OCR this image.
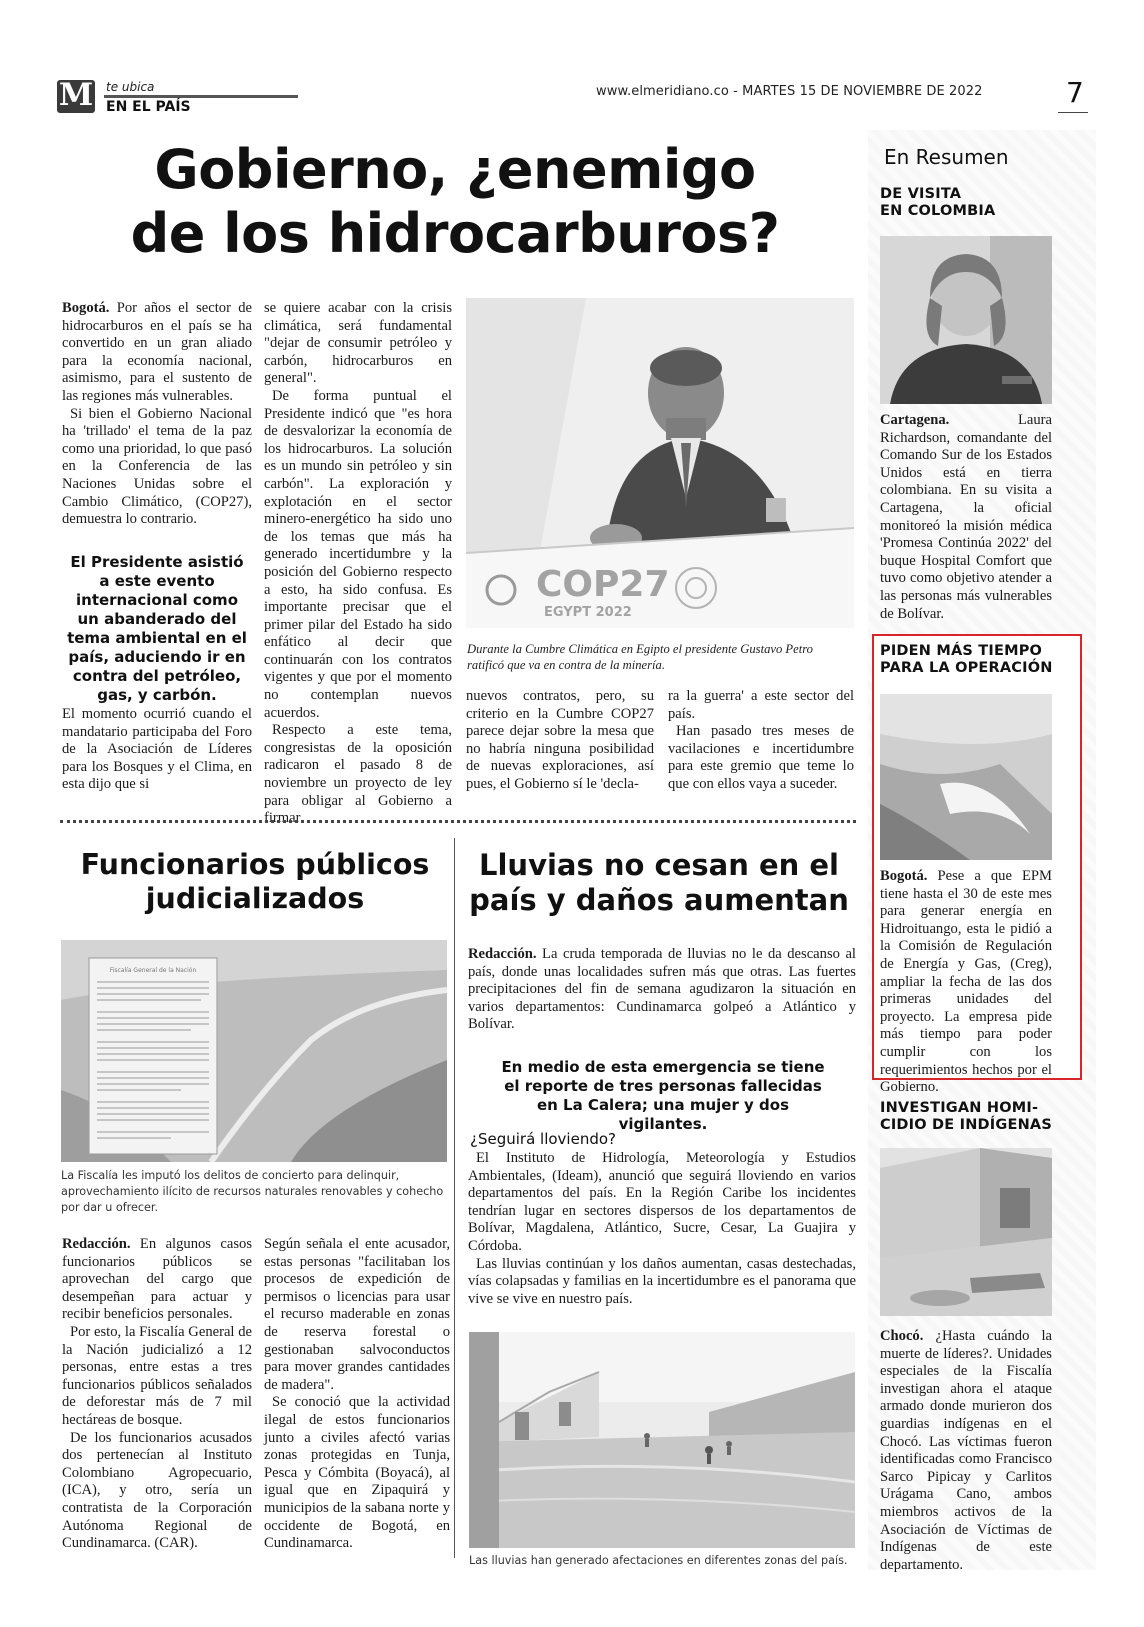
M te ubica
EN EL PAÍS
www.elmeridiano.co - MARTES 15 DE NOVIEMBRE DE 2022	7
Gobierno, ¿enemigo
de los hidrocarburos?

Bogotá. Por años el sector de hidrocarburos en el país se ha convertido en un gran aliado para la economía nacional, asimismo, para el sustento de las regiones más vulnerables.

Si bien el Gobierno Nacional ha 'trillado' el tema de la paz como una prioridad, lo que pasó en la Conferencia de las Naciones Unidas sobre el Cambio Climático, (COP27), demuestra lo contrario.

El Presidente asistió a este evento internacional como un abanderado del tema ambiental en el país, aduciendo ir en contra del petróleo, gas, y carbón.

El momento ocurrió cuando el mandatario participaba del Foro de la Asociación de Líderes para los Bosques y el Clima, en esta dijo que si

se quiere acabar con la crisis climática, será fundamental "dejar de consumir petróleo y carbón, hidrocarburos en general".

De forma puntual el Presidente indicó que "es hora de desvalorizar la economía de los hidrocarburos. La solución es un mundo sin petróleo y sin carbón". La exploración y explotación en el sector minero-energético ha sido uno de los temas que más ha generado incertidumbre y la posición del Gobierno respecto a esto, ha sido confusa. Es importante precisar que el primer pilar del Estado ha sido enfático al decir que continuarán con los contratos vigentes y que por el momento no contemplan nuevos acuerdos.

Respecto a este tema, congresistas de la oposición radicaron el pasado 8 de noviembre un proyecto de ley para obligar al Gobierno a firmar

COP27
EGYPT 2022
Durante la Cumbre Climática en Egipto el presidente Gustavo Petro ratificó que va en contra de la minería.

nuevos contratos, pero, su criterio en la Cumbre COP27 parece dejar sobre la mesa que no habría ninguna posibilidad de nuevas exploraciones, así pues, el Gobierno sí le 'decla-

ra la guerra' a este sector del país.

Han pasado tres meses de vacilaciones e incertidumbre para este gremio que teme lo que con ellos vaya a suceder.

Funcionarios públicos
judicializados
Fiscalía General de la Nación
La Fiscalía les imputó los delitos de concierto para delinquir, aprovechamiento ilícito de recursos naturales renovables y cohecho por dar u ofrecer.

Redacción. En algunos casos funcionarios públicos se aprovechan del cargo que desempeñan para actuar y recibir beneficios personales.

Por esto, la Fiscalía General de la Nación judicializó a 12 personas, entre estas a tres funcionarios públicos señalados de deforestar más de 7 mil hectáreas de bosque.

De los funcionarios acusados dos pertenecían al Instituto Colombiano Agropecuario, (ICA), y otro, sería un contratista de la Corporación Autónoma Regional de Cundinamarca. (CAR).

Según señala el ente acusador, estas personas "facilitaban los procesos de expedición de permisos o licencias para usar el recurso maderable en zonas de reserva forestal o gestionaban salvoconductos para mover grandes cantidades de madera".

Se conoció que la actividad ilegal de estos funcionarios junto a civiles afectó varias zonas protegidas en Tunja, Pesca y Cómbita (Boyacá), al igual que en Zipaquirá y municipios de la sabana norte y occidente de Bogotá, en Cundinamarca.

Lluvias no cesan en el
país y daños aumentan

Redacción. La cruda temporada de lluvias no le da descanso al país, donde unas localidades sufren más que otras. Las fuertes precipitaciones del fin de semana agudizaron la situación en varios departamentos: Cundinamarca golpeó a Atlántico y Bolívar.

En medio de esta emergencia se tiene el reporte de tres personas fallecidas en La Calera; una mujer y dos vigilantes.
¿Seguirá lloviendo?

El Instituto de Hidrología, Meteorología y Estudios Ambientales, (Ideam), anunció que seguirá lloviendo en varios departamentos del país. En la Región Caribe los incidentes tendrían lugar en sectores dispersos de los departamentos de Bolívar, Magdalena, Atlántico, Sucre, Cesar, La Guajira y Córdoba.

Las lluvias continúan y los daños aumentan, casas destechadas, vías colapsadas y familias en la incertidumbre es el panorama que vive se vive en nuestro país.

Las lluvias han generado afectaciones en diferentes zonas del país.
En Resumen
DE VISITA
EN COLOMBIA

Cartagena. Laura Richardson, comandante del Comando Sur de los Estados Unidos está en tierra colombiana. En su visita a Cartagena, la oficial monitoreó la misión médica 'Promesa Continúa 2022' del buque Hospital Comfort que tuvo como objetivo atender a las personas más vulnerables de Bolívar.

PIDEN MÁS TIEMPO
PARA LA OPERACIÓN

Bogotá. Pese a que EPM tiene hasta el 30 de este mes para generar energía en Hidroituango, esta le pidió a la Comisión de Regulación de Energía y Gas, (Creg), ampliar la fecha de las dos primeras unidades del proyecto. La empresa pide más tiempo para poder cumplir con los requerimientos hechos por el Gobierno.

INVESTIGAN HOMI-
CIDIO DE INDÍGENAS

Chocó. ¿Hasta cuándo la muerte de líderes?. Unidades especiales de la Fiscalía investigan ahora el ataque armado donde murieron dos guardias indígenas en el Chocó. Las víctimas fueron identificadas como Francisco Sarco Pipicay y Carlitos Urágama Cano, ambos miembros activos de la Asociación de Víctimas de Indígenas de este departamento.
